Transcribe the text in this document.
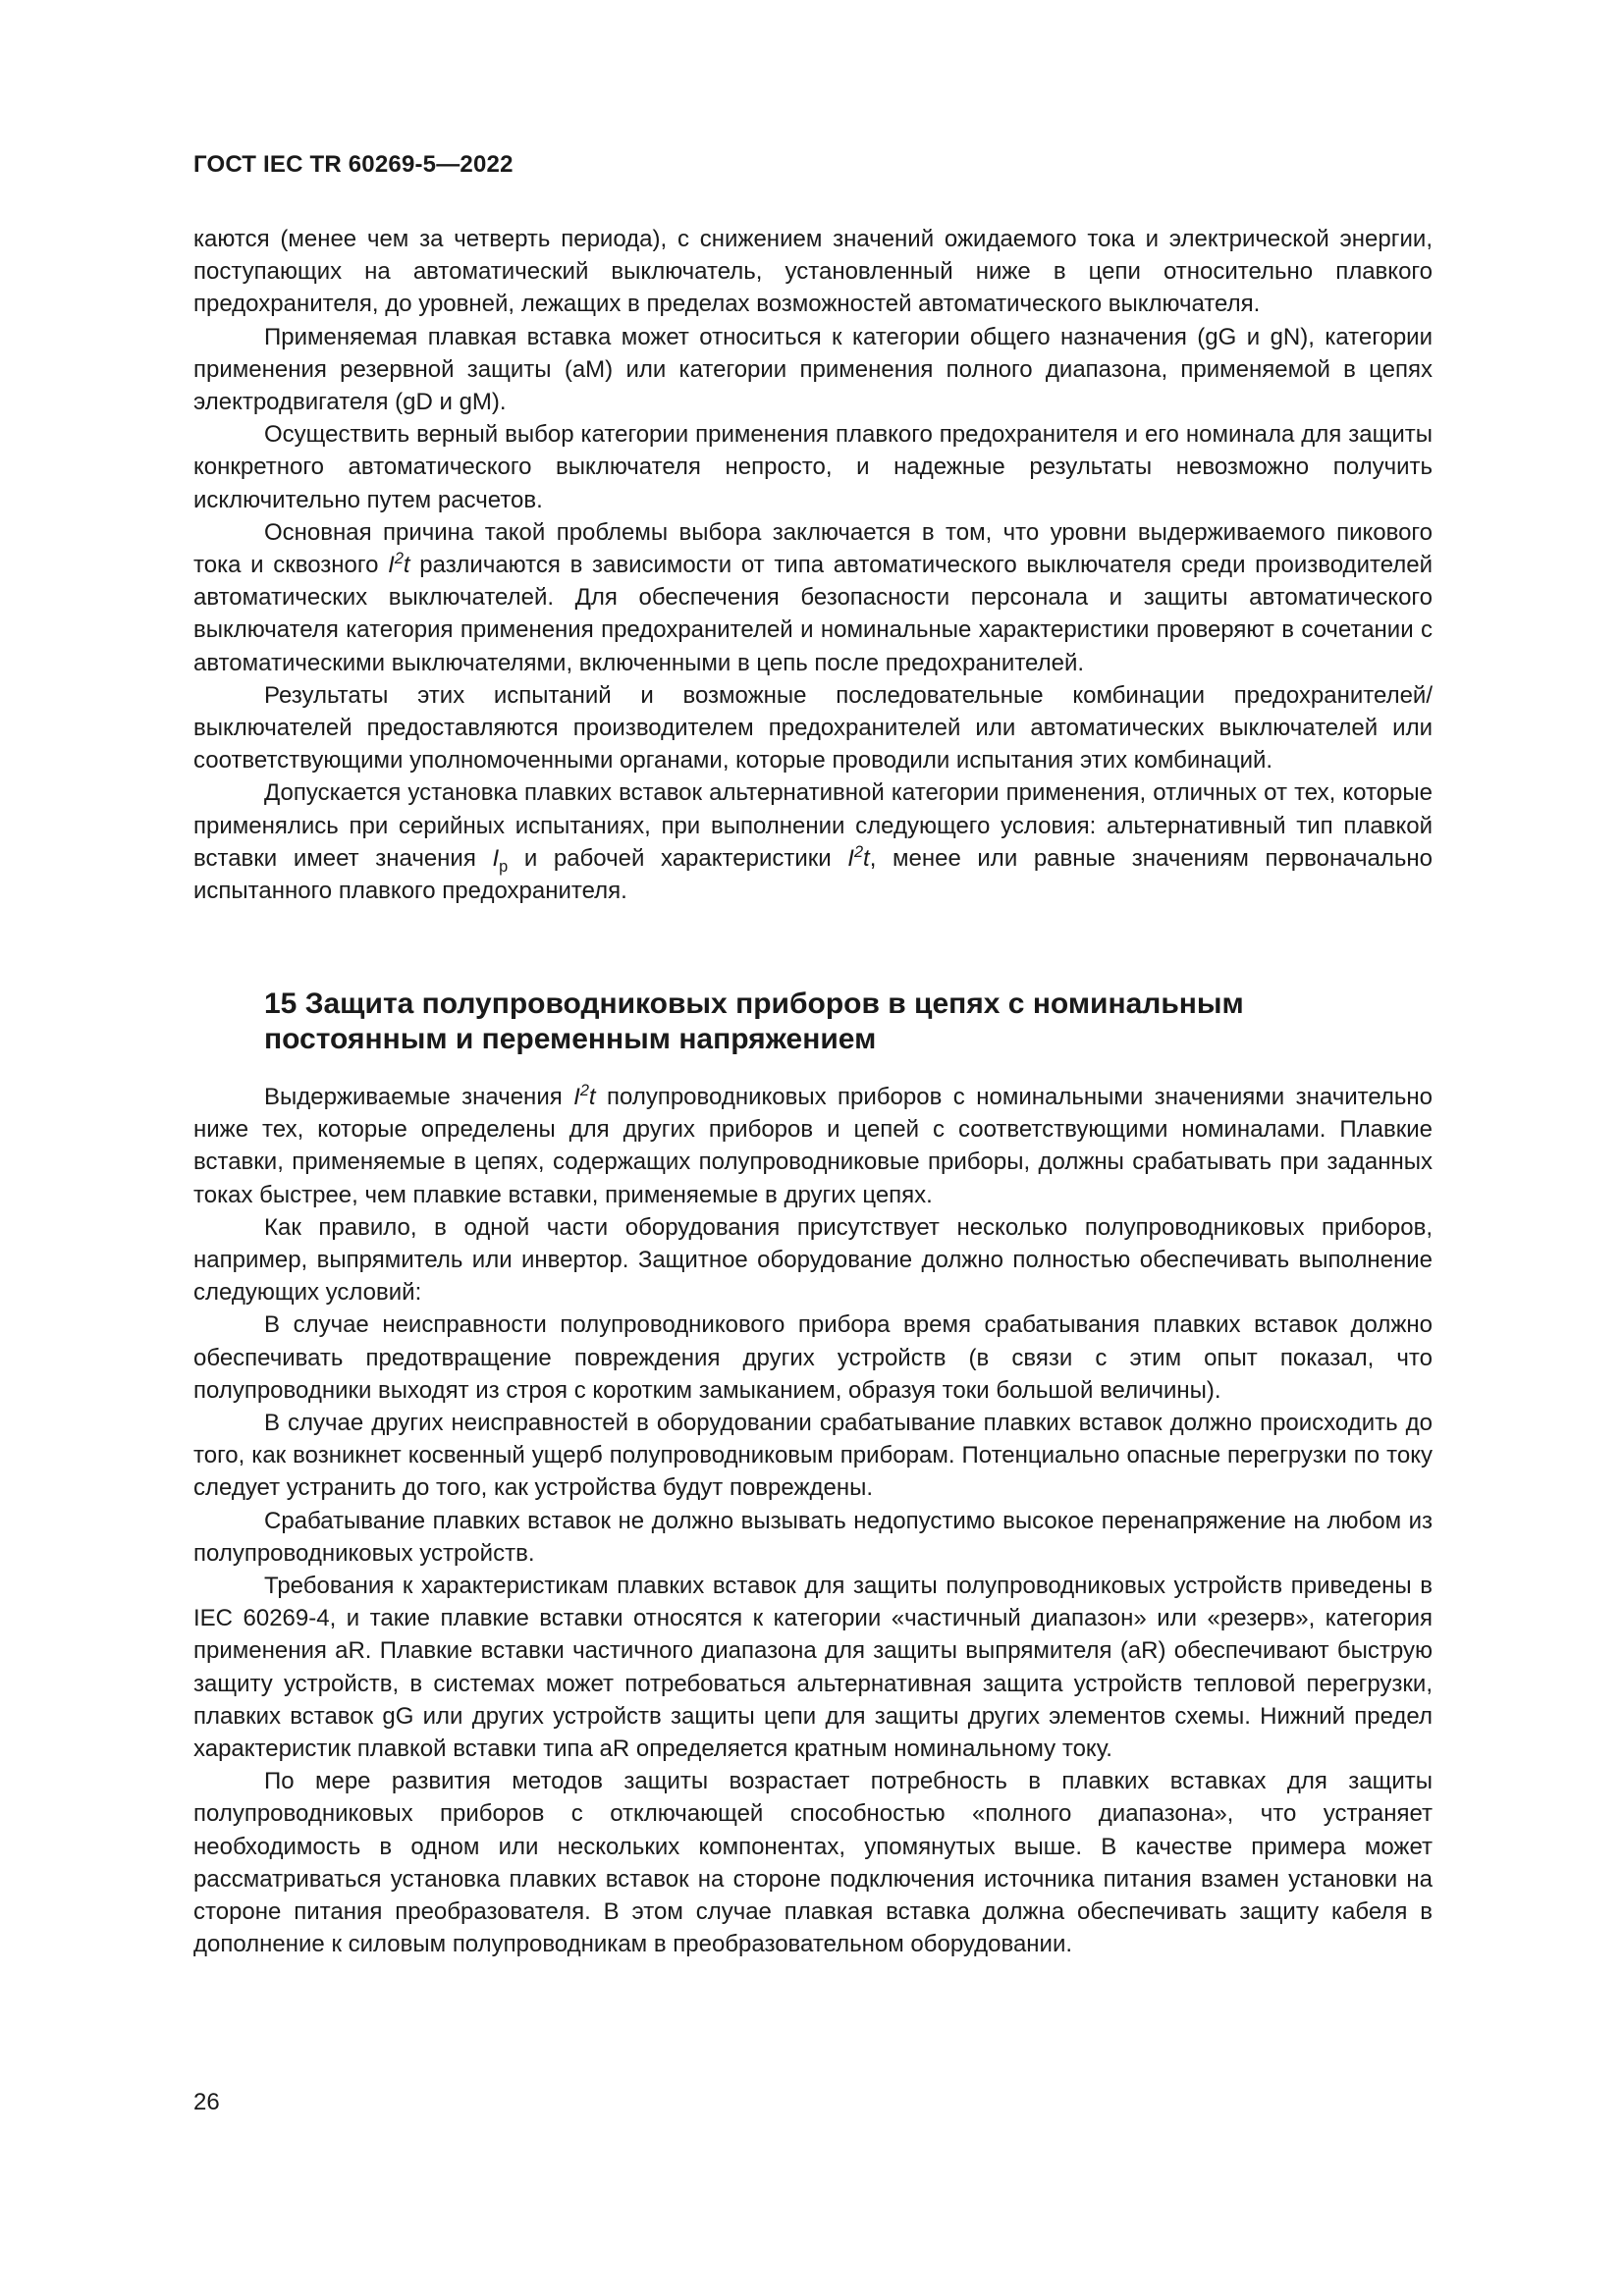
ГОСТ IEC TR 60269-5—2022

каются (менее чем за четверть периода), с снижением значений ожидаемого тока и электрической энергии, поступающих на автоматический выключатель, установленный ниже в цепи относительно плавкого предохранителя, до уровней, лежащих в пределах возможностей автоматического выключателя.

Применяемая плавкая вставка может относиться к категории общего назначения (gG и gN), категории применения резервной защиты (aM) или категории применения полного диапазона, применяемой в цепях электродвигателя (gD и gM).

Осуществить верный выбор категории применения плавкого предохранителя и его номинала для защиты конкретного автоматического выключателя непросто, и надежные результаты невозможно получить исключительно путем расчетов.

Основная причина такой проблемы выбора заключается в том, что уровни выдерживаемого пикового тока и сквозного $I^2t$ различаются в зависимости от типа автоматического выключателя среди производителей автоматических выключателей. Для обеспечения безопасности персонала и защиты автоматического выключателя категория применения предохранителей и номинальные характеристики проверяют в сочетании с автоматическими выключателями, включенными в цепь после предохранителей.

Результаты этих испытаний и возможные последовательные комбинации предохранителей/выключателей предоставляются производителем предохранителей или автоматических выключателей или соответствующими уполномоченными органами, которые проводили испытания этих комбинаций.

Допускается установка плавких вставок альтернативной категории применения, отличных от тех, которые применялись при серийных испытаниях, при выполнении следующего условия: альтернативный тип плавкой вставки имеет значения $I_p$ и рабочей характеристики $I^2t$, менее или равные значениям первоначально испытанного плавкого предохранителя.

15 Защита полупроводниковых приборов в цепях с номинальным постоянным и переменным напряжением

Выдерживаемые значения $I^2t$ полупроводниковых приборов с номинальными значениями значительно ниже тех, которые определены для других приборов и цепей с соответствующими номиналами. Плавкие вставки, применяемые в цепях, содержащих полупроводниковые приборы, должны срабатывать при заданных токах быстрее, чем плавкие вставки, применяемые в других цепях.

Как правило, в одной части оборудования присутствует несколько полупроводниковых приборов, например, выпрямитель или инвертор. Защитное оборудование должно полностью обеспечивать выполнение следующих условий:

В случае неисправности полупроводникового прибора время срабатывания плавких вставок должно обеспечивать предотвращение повреждения других устройств (в связи с этим опыт показал, что полупроводники выходят из строя с коротким замыканием, образуя токи большой величины).

В случае других неисправностей в оборудовании срабатывание плавких вставок должно происходить до того, как возникнет косвенный ущерб полупроводниковым приборам. Потенциально опасные перегрузки по току следует устранить до того, как устройства будут повреждены.

Срабатывание плавких вставок не должно вызывать недопустимо высокое перенапряжение на любом из полупроводниковых устройств.

Требования к характеристикам плавких вставок для защиты полупроводниковых устройств приведены в IEC 60269-4, и такие плавкие вставки относятся к категории «частичный диапазон» или «резерв», категория применения aR. Плавкие вставки частичного диапазона для защиты выпрямителя (aR) обеспечивают быструю защиту устройств, в системах может потребоваться альтернативная защита устройств тепловой перегрузки, плавких вставок gG или других устройств защиты цепи для защиты других элементов схемы. Нижний предел характеристик плавкой вставки типа aR определяется кратным номинальному току.

По мере развития методов защиты возрастает потребность в плавких вставках для защиты полупроводниковых приборов с отключающей способностью «полного диапазона», что устраняет необходимость в одном или нескольких компонентах, упомянутых выше. В качестве примера может рассматриваться установка плавких вставок на стороне подключения источника питания взамен установки на стороне питания преобразователя. В этом случае плавкая вставка должна обеспечивать защиту кабеля в дополнение к силовым полупроводникам в преобразовательном оборудовании.

26
